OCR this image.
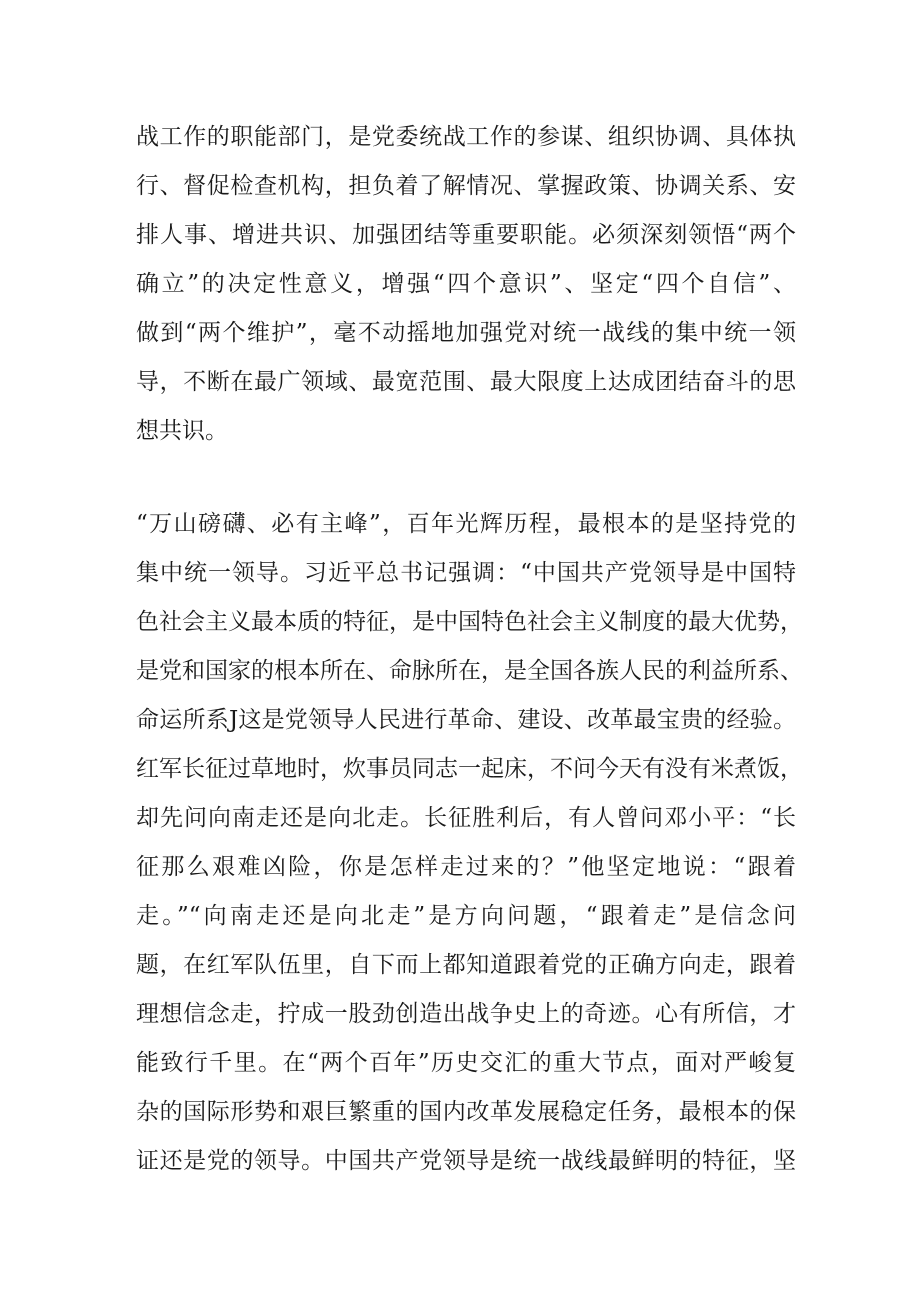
战工作的职能部门，是党委统战工作的参谋、组织协调、具体执

行、督促检查机构，担负着了解情况、掌握政策、协调关系、安

排人事、增进共识、加强团结等重要职能。必须深刻领悟“两个

确立”的决定性意义，增强“四个意识”、坚定“四个自信”、

做到“两个维护”，毫不动摇地加强党对统一战线的集中统一领

导，不断在最广领域、最宽范围、最大限度上达成团结奋斗的思

想共识。

“万山磅礴、必有主峰”，百年光辉历程，最根本的是坚持党的

集中统一领导。习近平总书记强调：“中国共产党领导是中国特

色社会主义最本质的特征，是中国特色社会主义制度的最大优势，

是党和国家的根本所在、命脉所在，是全国各族人民的利益所系、

命运所系J这是党领导人民进行革命、建设、改革最宝贵的经验。

红军长征过草地时，炊事员同志一起床，不问今天有没有米煮饭，

却先问向南走还是向北走。长征胜利后，有人曾问邓小平：“长

征那么艰难凶险，你是怎样走过来的？”他坚定地说：“跟着

走。”“向南走还是向北走”是方向问题，“跟着走”是信念问

题，在红军队伍里，自下而上都知道跟着党的正确方向走，跟着

理想信念走，拧成一股劲创造出战争史上的奇迹。心有所信，才

能致行千里。在“两个百年”历史交汇的重大节点，面对严峻复

杂的国际形势和艰巨繁重的国内改革发展稳定任务，最根本的保

证还是党的领导。中国共产党领导是统一战线最鲜明的特征，坚
